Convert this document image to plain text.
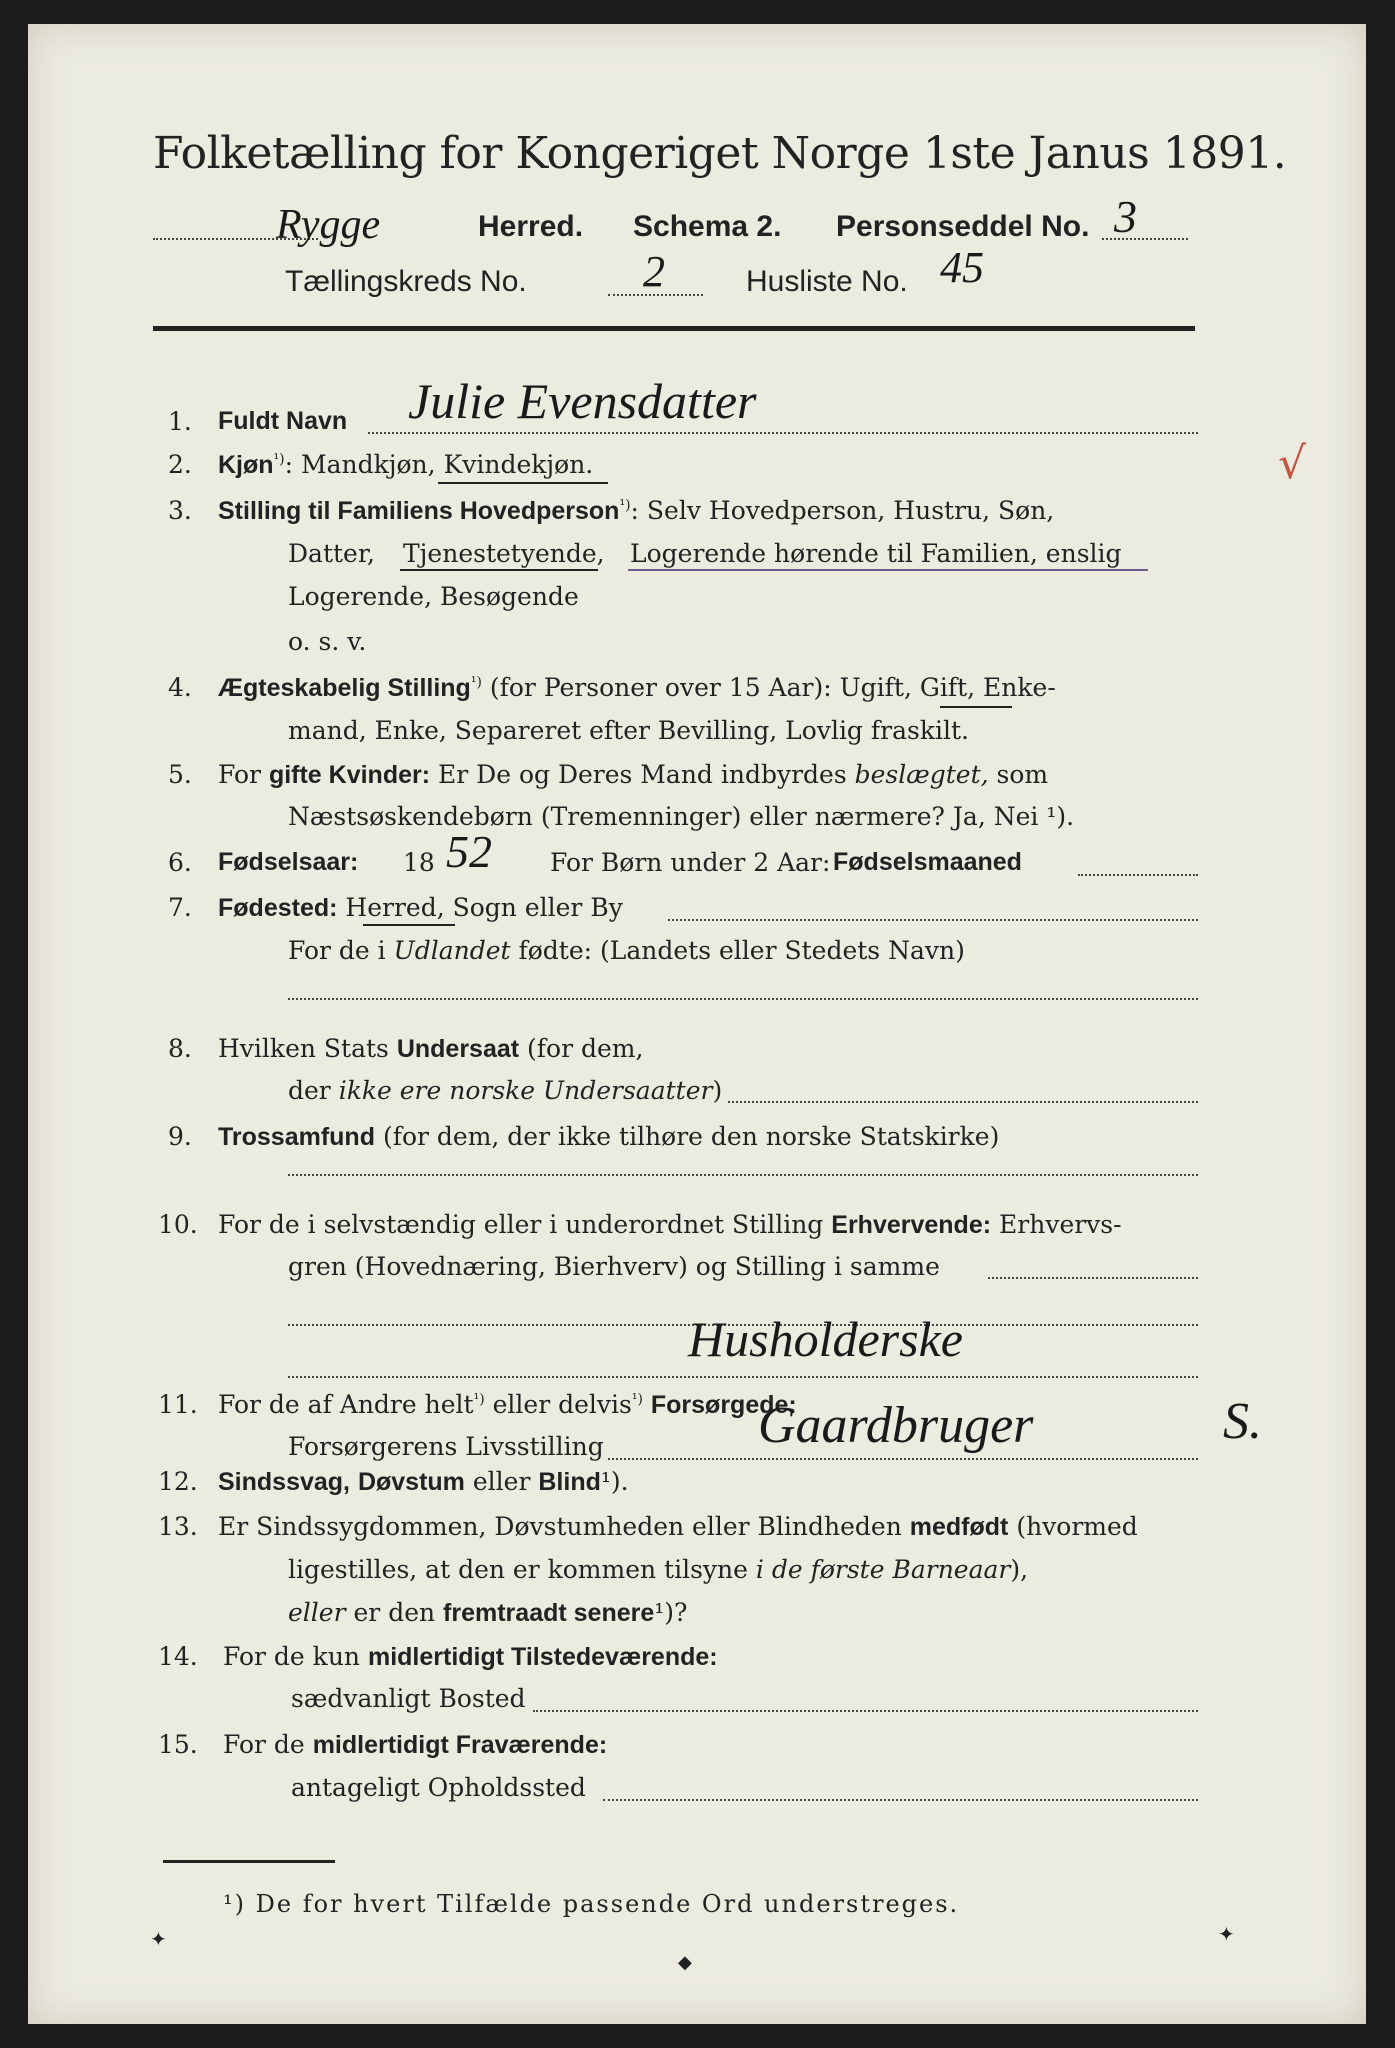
Folketælling for Kongeriget Norge 1ste Janus 1891.
Rygge	Herred. Schema 2. Personseddel No. 3
Tællingskreds No.	2	Husliste No. 45
1. Fuldt Navn Julie Evensdatter
2. Kjøn$^{^1)}$: Mandkjøn, Kvindekjøn.	√
3. Stilling til Familiens Hovedperson$^{^1)}$: Selv Hovedperson, Hustru, Søn,
Datter, Tjenestetyende, Logerende hørende til Familien, enslig
Logerende, Besøgende
o. s. v.
4. Ægteskabelig Stilling$^{^1)}$ (for Personer over 15 Aar): Ugift, Gift, Enke-
mand, Enke, Separeret efter Bevilling, Lovlig fraskilt.
5. For gifte Kvinder: Er De og Deres Mand indbyrdes beslægtet, som
Næstsøskendebørn (Tremenninger) eller nærmere? Ja, Nei ¹).
6. Fødselsaar: 18 52 For Børn under 2 Aar: Fødselsmaaned
7. Fødested: Herred, Sogn eller By
For de i Udlandet fødte: (Landets eller Stedets Navn)
8. Hvilken Stats Undersaat (for dem,
der ikke ere norske Undersaatter)
9. Trossamfund (for dem, der ikke tilhøre den norske Statskirke)
10. For de i selvstændig eller i underordnet Stilling Erhvervende: Erhvervs-
gren (Hovednæring, Bierhverv) og Stilling i samme
Husholderske
11. For de af Andre helt$^{^1)}$ eller delvis$^{^1)}$ Forsørgede:
Forsørgerens Livsstilling	Gaardbruger	S.
12. Sindssvag, Døvstum eller Blind¹).
13. Er Sindssygdommen, Døvstumheden eller Blindheden medfødt (hvormed
ligestilles, at den er kommen tilsyne i de første Barneaar),
eller er den fremtraadt senere¹)?
14. For de kun midlertidigt Tilstedeværende:
sædvanligt Bosted
15. For de midlertidigt Fraværende:
antageligt Opholdssted
¹) De for hvert Tilfælde passende Ord understreges.
✦
◆
✦
